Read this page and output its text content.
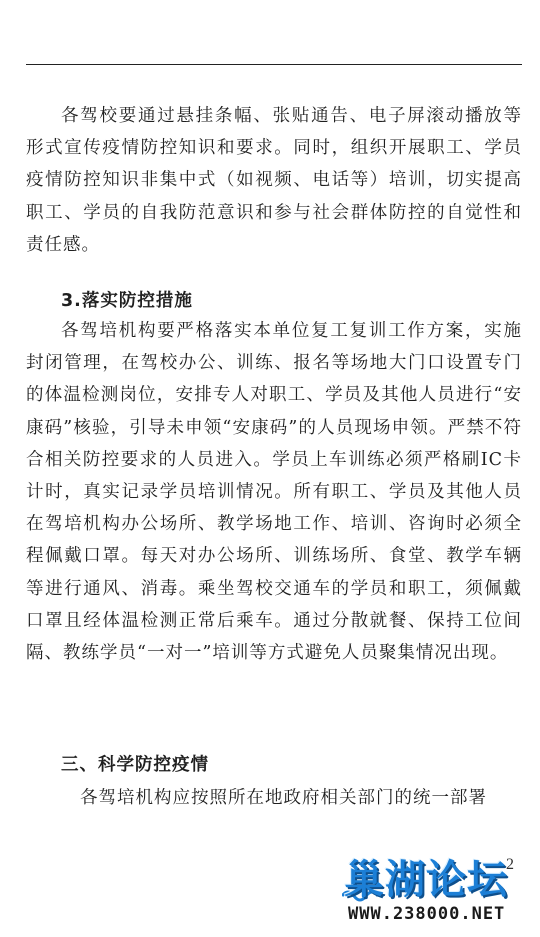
各驾校要通过悬挂条幅、张贴通告、电子屏滚动播放等形式宣传疫情防控知识和要求。同时，组织开展职工、学员疫情防控知识非集中式（如视频、电话等）培训，切实提高职工、学员的自我防范意识和参与社会群体防控的自觉性和责任感。

3.落实防控措施

各驾培机构要严格落实本单位复工复训工作方案，实施封闭管理，在驾校办公、训练、报名等场地大门口设置专门的体温检测岗位，安排专人对职工、学员及其他人员进行“安康码”核验，引导未申领“安康码”的人员现场申领。严禁不符合相关防控要求的人员进入。学员上车训练必须严格刷IC卡计时，真实记录学员培训情况。所有职工、学员及其他人员在驾培机构办公场所、教学场地工作、培训、咨询时必须全程佩戴口罩。每天对办公场所、训练场所、食堂、教学车辆等进行通风、消毒。乘坐驾校交通车的学员和职工，须佩戴口罩且经体温检测正常后乘车。通过分散就餐、保持工位间隔、教练学员“一对一”培训等方式避免人员聚集情况出现。

三、科学防控疫情

各驾培机构应按照所在地政府相关部门的统一部署

巢湖论坛
WWW.238000.NET
2
